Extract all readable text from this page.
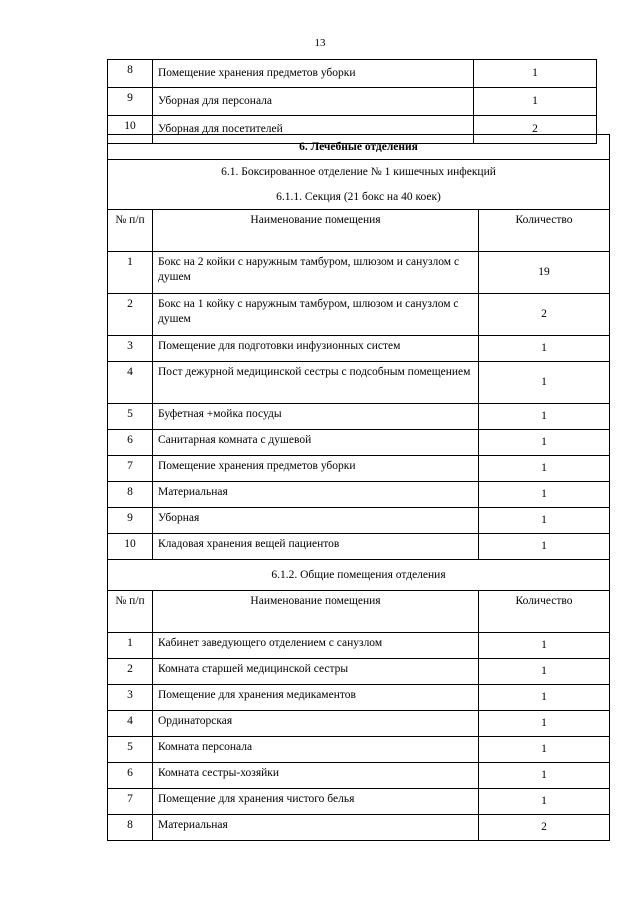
13
8	Помещение хранения предметов уборки	1
9	Уборная для персонала	1
10	Уборная для посетителей	2
6. Лечебные отделения		
6.1. Боксированное отделение № 1 кишечных инфекций		
6.1.1. Секция (21 бокс на 40 коек)		
№ п/п	Наименование помещения	Количество
1	Бокс на 2 койки с наружным тамбуром, шлюзом и санузлом с душем	19
2	Бокс на 1 койку с наружным тамбуром, шлюзом и санузлом с душем	2
3	Помещение для подготовки инфузионных систем	1
4	Пост дежурной медицинской сестры с подсобным помещением	1
5	Буфетная +мойка посуды	1
6	Санитарная комната с душевой	1
7	Помещение хранения предметов уборки	1
8	Материальная	1
9	Уборная	1
10	Кладовая хранения вещей пациентов	1
6.1.2. Общие помещения отделения		
№ п/п	Наименование помещения	Количество
1	Кабинет заведующего отделением с санузлом	1
2	Комната старшей медицинской сестры	1
3	Помещение для хранения медикаментов	1
4	Ординаторская	1
5	Комната персонала	1
6	Комната сестры-хозяйки	1
7	Помещение для хранения чистого белья	1
8	Материальная	2
